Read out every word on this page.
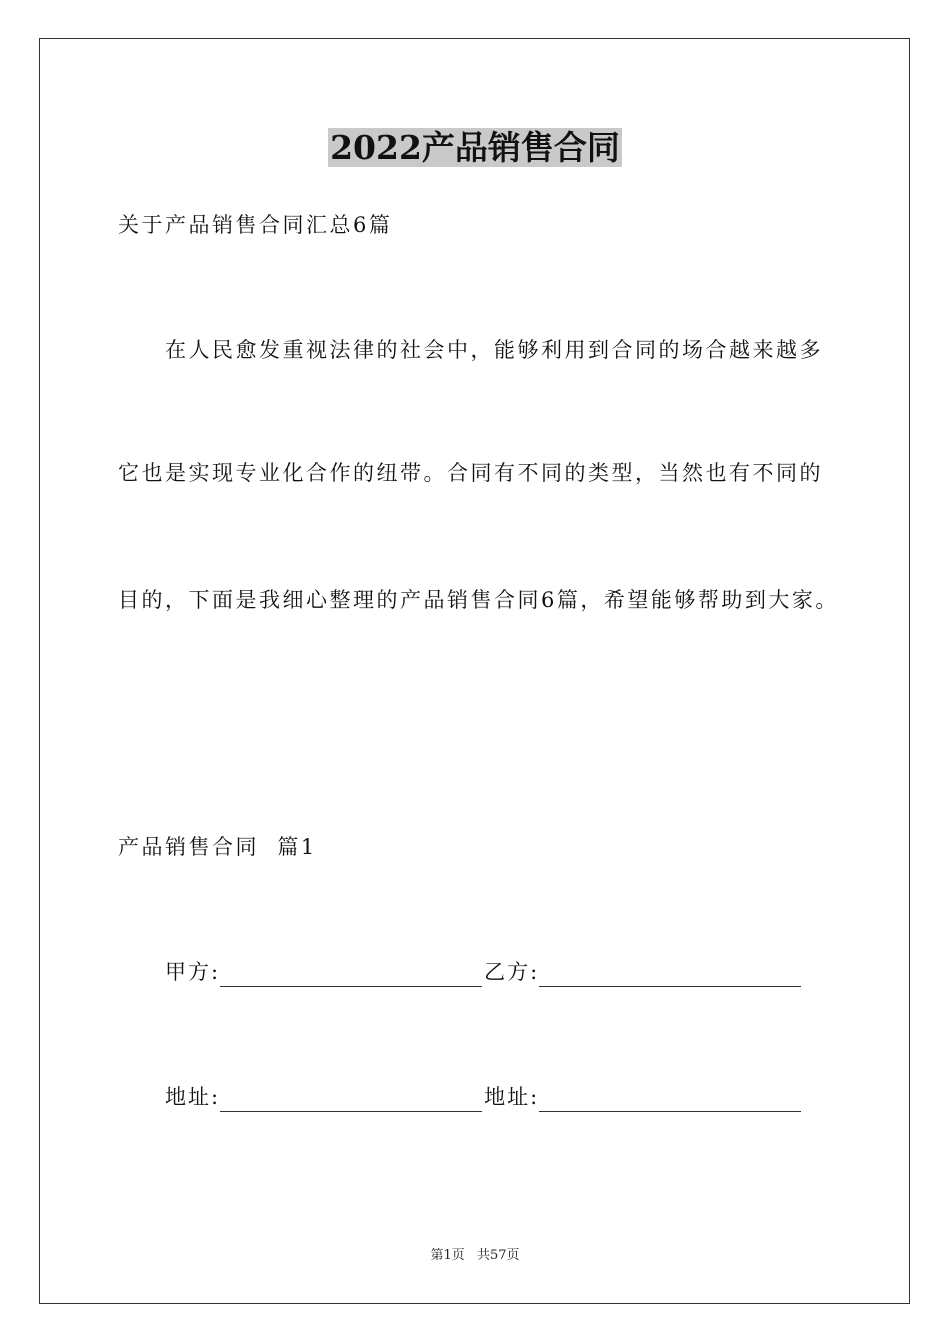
2022产品销售合同
关于产品销售合同汇总6篇
在人民愈发重视法律的社会中，能够利用到合同的场合越来越多
它也是实现专业化合作的纽带。合同有不同的类型，当然也有不同的
目的，下面是我细心整理的产品销售合同6篇，希望能够帮助到大家。
产品销售合同  篇1
甲方:	乙方:
地址:	地址:
第1页 共57页
